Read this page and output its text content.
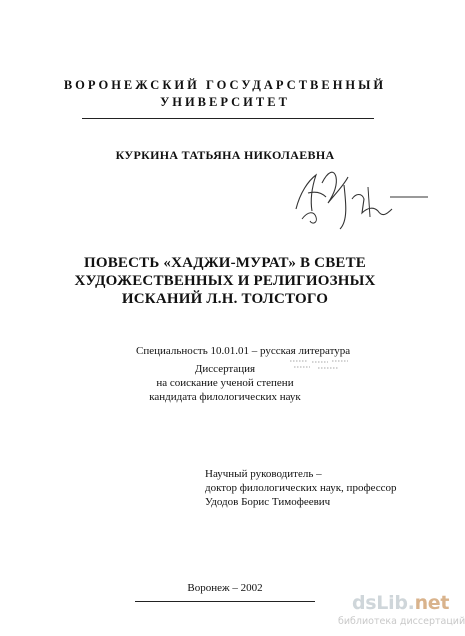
ВОРОНЕЖСКИЙ ГОСУДАРСТВЕННЫЙ
УНИВЕРСИТЕТ
КУРКИНА ТАТЬЯНА НИКОЛАЕВНА
ПОВЕСТЬ «ХАДЖИ-МУРАТ» В СВЕТЕ
ХУДОЖЕСТВЕННЫХ И РЕЛИГИОЗНЫХ
ИСКАНИЙ Л.Н. ТОЛСТОГО
Специальность 10.01.01 – русская литература
Диссертация
на соискание ученой степени
кандидата филологических наук
Научный руководитель –
доктор филологических наук, профессор
Удодов Борис Тимофеевич
Воронеж – 2002
dsLib.net
библиотека диссертаций
